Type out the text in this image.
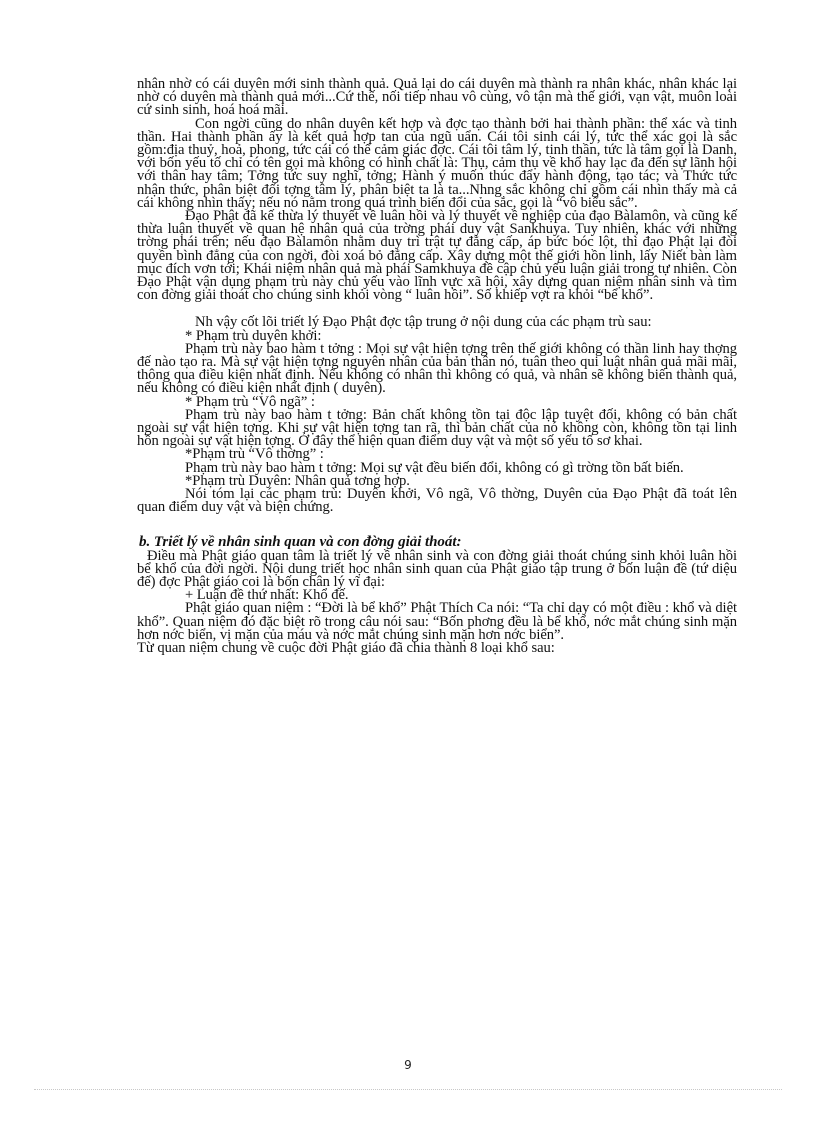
nhân nhờ có cái duyên mới sinh thành quả. Quả lại do cái duyên mà thành ra nhân khác, nhân khác lại nhờ có duyên mà thành quả mới...Cứ thế, nối tiếp nhau vô cùng, vô tận mà thế giới, vạn vật, muôn loài cứ sinh sinh, hoá hoá mãi.

Con ngời cũng do nhân duyên kết hợp và đợc tạo thành bởi hai thành phần: thể xác và tinh thần. Hai thành phần ấy là kết quả hợp tan của ngũ uẩn. Cái tôi sinh cái lý, tức thể xác gọi là sắc gồm:địa thuỷ, hoả, phong, tức cái có thể cảm giác đợc. Cái tôi tâm lý, tinh thần, tức là tâm gọi là Danh, với bốn yếu tố chỉ có tên gọi mà không có hình chất là: Thụ, cảm thụ về khổ hay lạc đa đến sự lãnh hội với thân hay tâm; Tởng tức suy nghĩ, tởng; Hành ý muốn thúc đẩy hành động, tạo tác; và Thức tức nhận thức, phân biệt đối tợng tâm lý, phân biệt ta là ta...Nhng sắc không chỉ gồm cái nhìn thấy mà cả cái không nhìn thấy; nếu nó nằm trong quá trình biến đổi của sắc, gọi là “vô biểu sắc”.

Đạo Phật đã kế thừa lý thuyết về luân hồi và lý thuyết về nghiệp của đạo Bàlamôn, và cũng kế thừa luận thuyết về quan hệ nhân quả của trờng phái duy vật Sankhuya. Tuy nhiên, khác với những trờng phái trên; nếu đạo Bàlamôn nhằm duy trì trật tự đẳng cấp, áp bức bóc lột, thì đạo Phật lại đòi quyền bình đẳng của con ngời, đòi xoá bỏ đẳng cấp. Xây dựng một thế giới hồn linh, lấy Niết bàn làm mục đích vơn tới; Khái niệm nhân quả mà phái Samkhuya đề cập chủ yếu luận giải trong tự nhiên. Còn Đạo Phật vận dụng phạm trù này chủ yếu vào lĩnh vực xã hội, xây dựng quan niệm nhân sinh và tìm con đờng giải thoát cho chúng sinh khỏi vòng “ luân hồi”. Số khiếp vợt ra khỏi “bể khổ”.

Nh vậy cốt lõi triết lý Đạo Phật đợc tập trung ở nội dung của các phạm trù sau:

* Phạm trù duyên khởi:

Phạm trù này bao hàm t tởng : Mọi sự vật hiện tợng trên thế giới không có thần linh hay thợng đế nào tạo ra. Mà sự vật hiện tợng nguyên nhân của bản thân nó, tuân theo qui luật nhân quả mãi mãi, thông qua điều kiện nhất định. Nếu không có nhân thì không có quả, và nhân sẽ không biến thành quả, nếu không có điều kiện nhất định ( duyên).

* Phạm trù “Vô ngã” :

Phạm trù này bao hàm t tởng: Bản chất không tồn tại độc lập tuyệt đối, không có bản chất ngoài sự vật hiện tợng. Khi sự vật hiện tợng tan rã, thì bản chất của nó không còn, không tồn tại linh hồn ngoài sự vật hiện tợng. Ở đây thể hiện quan điểm duy vật và một số yếu tố sơ khai.

*Phạm trù “Vô thờng” :

Phạm trù này bao hàm t tởng: Mọi sự vật đều biến đổi, không có gì trờng tồn bất biến.

*Phạm trù Duyên: Nhân quả tơng hợp.

Nói tóm lại các phạm trù: Duyên khởi, Vô ngã, Vô thờng, Duyên của Đạo Phật đã toát lên quan điểm duy vật và biện chứng.

b. Triết lý về nhân sinh quan và con đờng giải thoát:

Điều mà Phật giáo quan tâm là triết lý về nhân sinh và con đờng giải thoát chúng sinh khỏi luân hồi bể khổ của đời ngời. Nội dung triết học nhân sinh quan của Phật giáo tập trung ở bốn luận đề (tứ diệu đế) đợc Phật giáo coi là bốn chân lý vĩ đại:

+ Luận đề thứ nhất: Khổ đế.

Phật giáo quan niệm : “Đời là bể khổ” Phật Thích Ca nói: “Ta chỉ dạy có một điều : khổ và diệt khổ”. Quan niệm đó đặc biệt rõ trong câu nói sau: “Bốn phơng đều là bể khổ, nớc mắt chúng sinh mặn hơn nớc biển, vị mặn của máu và nớc mắt chúng sinh mặn hơn nớc biển”.

Từ quan niệm chung về cuộc đời Phật giáo đã chia thành 8 loại khổ sau:

9
